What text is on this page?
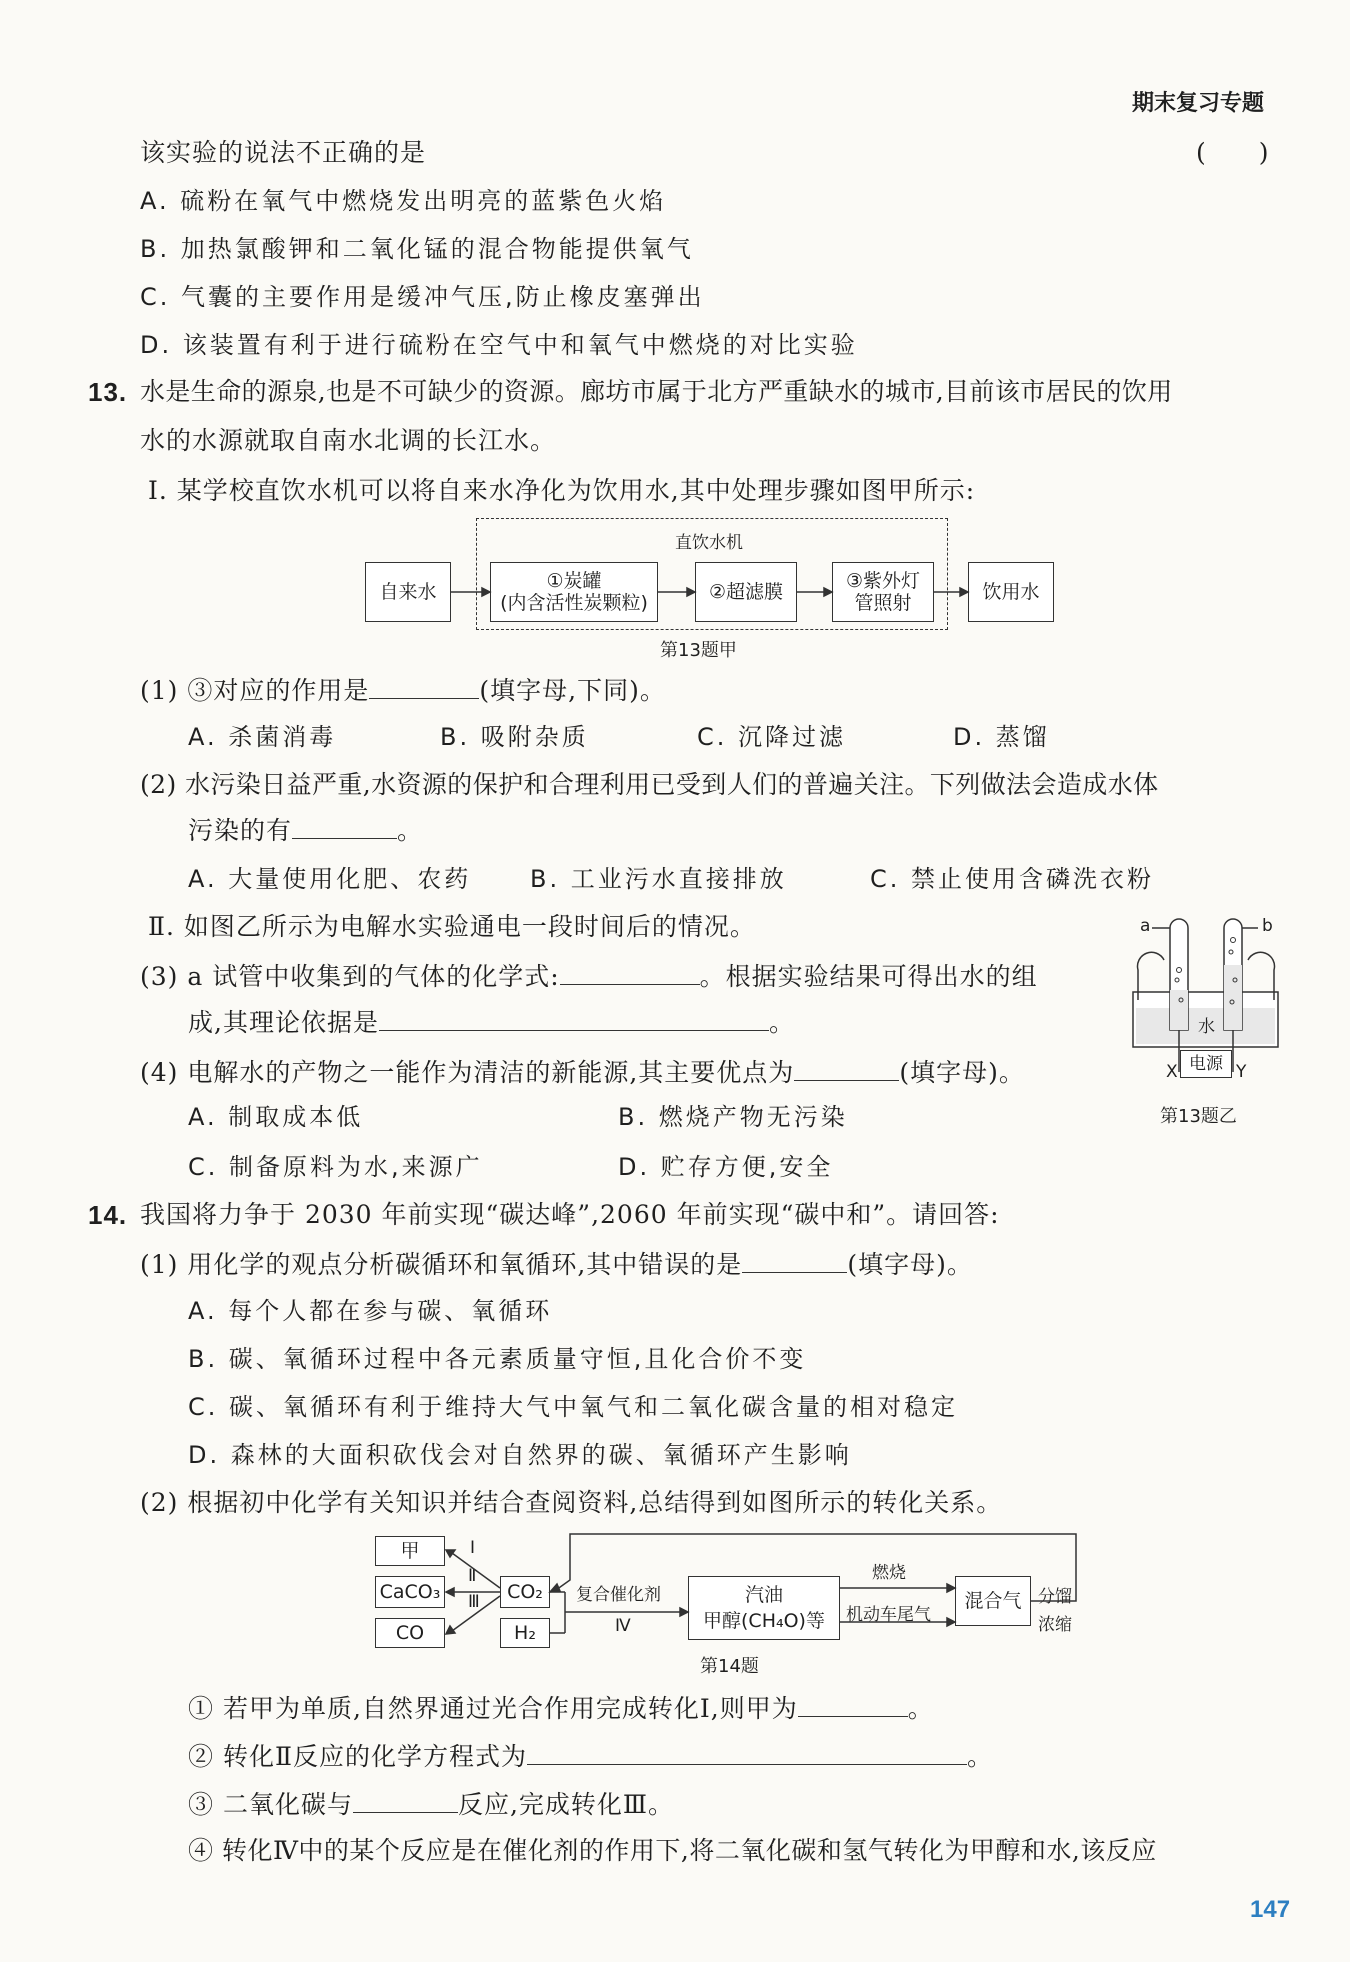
期末复习专题
该实验的说法不正确的是	(　　)
A. 硫粉在氧气中燃烧发出明亮的蓝紫色火焰
B. 加热氯酸钾和二氧化锰的混合物能提供氧气
C. 气囊的主要作用是缓冲气压,防止橡皮塞弹出
D. 该装置有利于进行硫粉在空气中和氧气中燃烧的对比实验
13. 水是生命的源泉,也是不可缺少的资源。廊坊市属于北方严重缺水的城市,目前该市居民的饮用
水的水源就取自南水北调的长江水。
Ⅰ. 某学校直饮水机可以将自来水净化为饮用水,其中处理步骤如图甲所示:
直饮水机
自来水	①炭罐
(内含活性炭颗粒)	②超滤膜	③紫外灯
管照射	饮用水
第13题甲
(1) ③对应的作用是	(填字母,下同)。
A. 杀菌消毒	B. 吸附杂质	C. 沉降过滤	D. 蒸馏
(2) 水污染日益严重,水资源的保护和合理利用已受到人们的普遍关注。下列做法会造成水体
污染的有	。
A. 大量使用化肥、农药 B. 工业污水直接排放	C. 禁止使用含磷洗衣粉
Ⅱ. 如图乙所示为电解水实验通电一段时间后的情况。
(3) a 试管中收集到的气体的化学式:	。根据实验结果可得出水的组
成,其理论依据是	。
(4) 电解水的产物之一能作为清洁的新能源,其主要优点为	(填字母)。
A. 制取成本低	B. 燃烧产物无污染
C. 制备原料为水,来源广	D. 贮存方便,安全
a	b
水
电源
X	Y
第13题乙
14. 我国将力争于 2030 年前实现“碳达峰”,2060 年前实现“碳中和”。请回答:
(1) 用化学的观点分析碳循环和氧循环,其中错误的是	(填字母)。
A. 每个人都在参与碳、氧循环
B. 碳、氧循环过程中各元素质量守恒,且化合价不变
C. 碳、氧循环有利于维持大气中氧气和二氧化碳含量的相对稳定
D. 森林的大面积砍伐会对自然界的碳、氧循环产生影响
(2) 根据初中化学有关知识并结合查阅资料,总结得到如图所示的转化关系。
甲
CaCO₃
CO
CO₂
H₂
Ⅰ
Ⅱ
Ⅲ	复合催化剂
Ⅳ
汽油
甲醇(CH₄O)等
燃烧
机动车尾气
混合气 分馏
浓缩
第14题
① 若甲为单质,自然界通过光合作用完成转化Ⅰ,则甲为	。
② 转化Ⅱ反应的化学方程式为	。
③ 二氧化碳与	反应,完成转化Ⅲ。
④ 转化Ⅳ中的某个反应是在催化剂的作用下,将二氧化碳和氢气转化为甲醇和水,该反应
147
